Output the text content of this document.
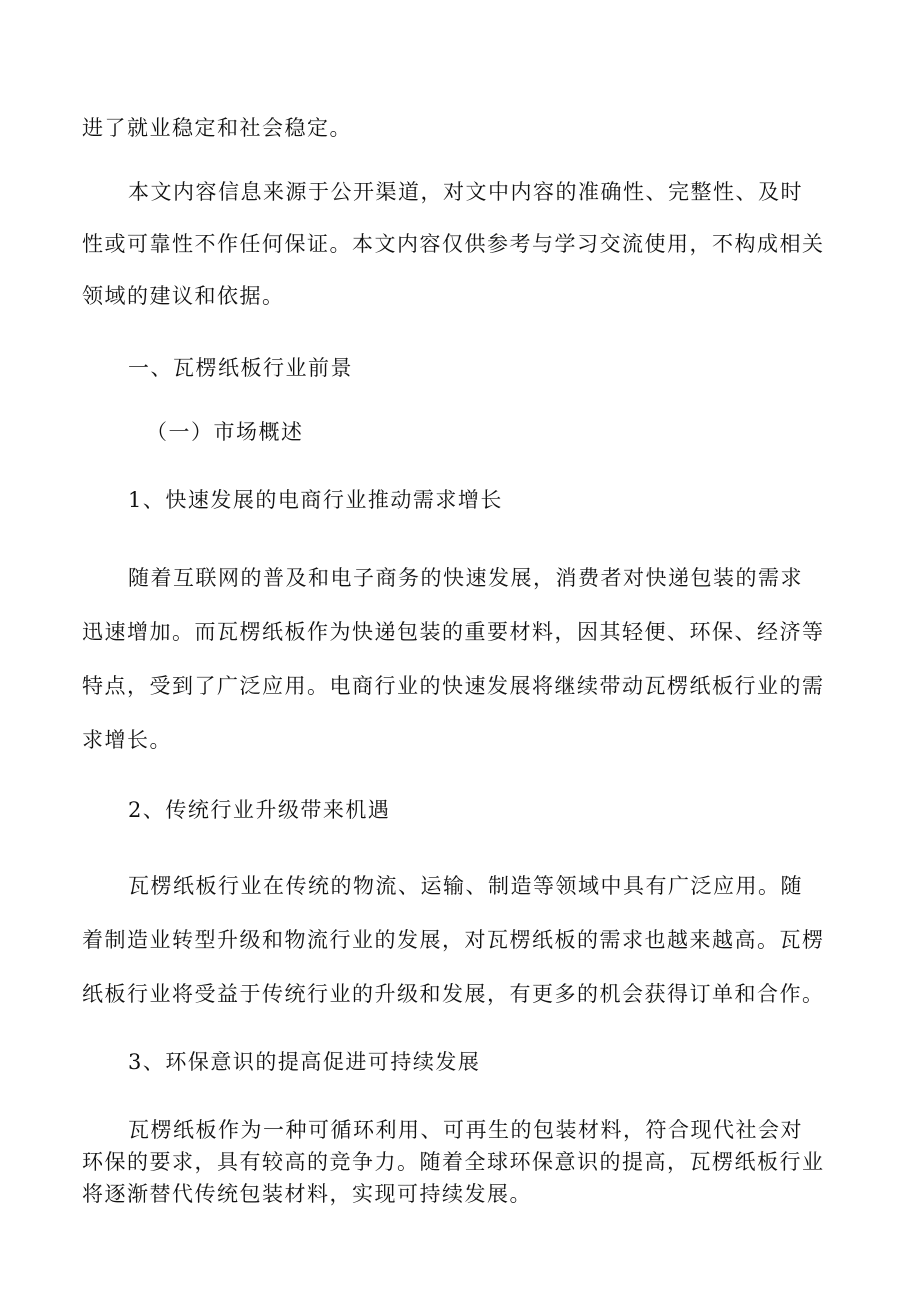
进了就业稳定和社会稳定。
本文内容信息来源于公开渠道，对文中内容的准确性、完整性、及时
性或可靠性不作任何保证。本文内容仅供参考与学习交流使用，不构成相关
领域的建议和依据。
一、瓦楞纸板行业前景
（一）市场概述
1、快速发展的电商行业推动需求增长
随着互联网的普及和电子商务的快速发展，消费者对快递包装的需求
迅速增加。而瓦楞纸板作为快递包装的重要材料，因其轻便、环保、经济等
特点，受到了广泛应用。电商行业的快速发展将继续带动瓦楞纸板行业的需
求增长。
2、传统行业升级带来机遇
瓦楞纸板行业在传统的物流、运输、制造等领域中具有广泛应用。随
着制造业转型升级和物流行业的发展，对瓦楞纸板的需求也越来越高。瓦楞
纸板行业将受益于传统行业的升级和发展，有更多的机会获得订单和合作。
3、环保意识的提高促进可持续发展
瓦楞纸板作为一种可循环利用、可再生的包装材料，符合现代社会对
环保的要求，具有较高的竞争力。随着全球环保意识的提高，瓦楞纸板行业
将逐渐替代传统包装材料，实现可持续发展。
